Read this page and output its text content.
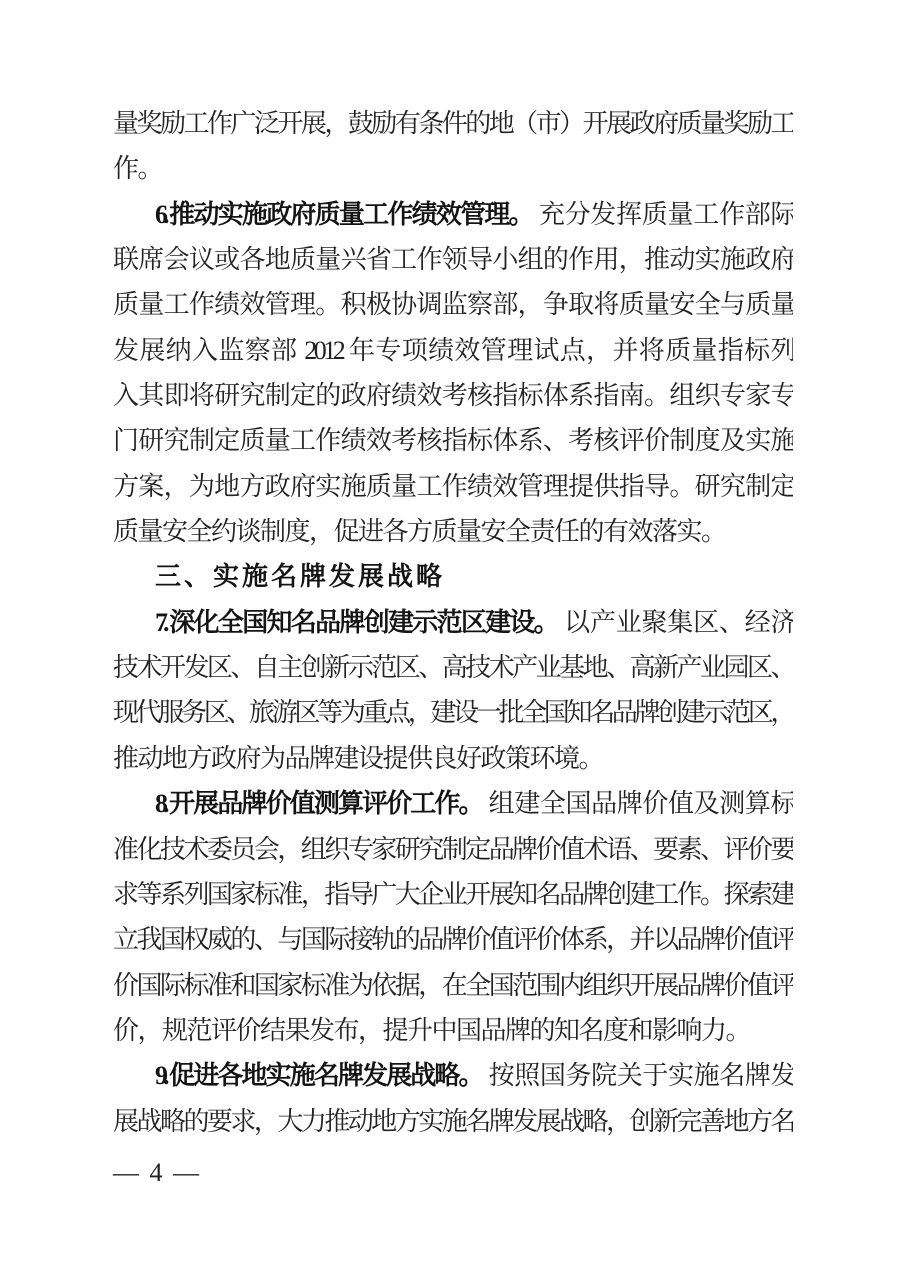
量奖励工作广泛开展，鼓励有条件的地（市）开展政府质量奖励工
作。
6. 推动实施政府质量工作绩效管理。 充分发挥质量工作部际
联席会议或各地质量兴省工作领导小组的作用，推动实施政府
质量工作绩效管理。积极协调监察部，争取将质量安全与质量
发展纳入监察部 2012 年专项绩效管理试点，并将质量指标列
入其即将研究制定的政府绩效考核指标体系指南。组织专家专
门研究制定质量工作绩效考核指标体系、考核评价制度及实施
方案，为地方政府实施质量工作绩效管理提供指导。研究制定
质量安全约谈制度，促进各方质量安全责任的有效落实。
三、实施名牌发展战略
7. 深化全国知名品牌创建示范区建设。 以产业聚集区、经济
技术开发区、自主创新示范区、高技术产业基地、高新产业园区、
现代服务区、旅游区等为重点，建设一批全国知名品牌创建示范区，
推动地方政府为品牌建设提供良好政策环境。
8. 开展品牌价值测算评价工作。 组建全国品牌价值及测算标
准化技术委员会，组织专家研究制定品牌价值术语、要素、评价要
求等系列国家标准，指导广大企业开展知名品牌创建工作。探索建
立我国权威的、与国际接轨的品牌价值评价体系，并以品牌价值评
价国际标准和国家标准为依据，在全国范围内组织开展品牌价值评
价，规范评价结果发布，提升中国品牌的知名度和影响力。
9. 促进各地实施名牌发展战略。 按照国务院关于实施名牌发
展战略的要求，大力推动地方实施名牌发展战略，创新完善地方名
— 4 —
